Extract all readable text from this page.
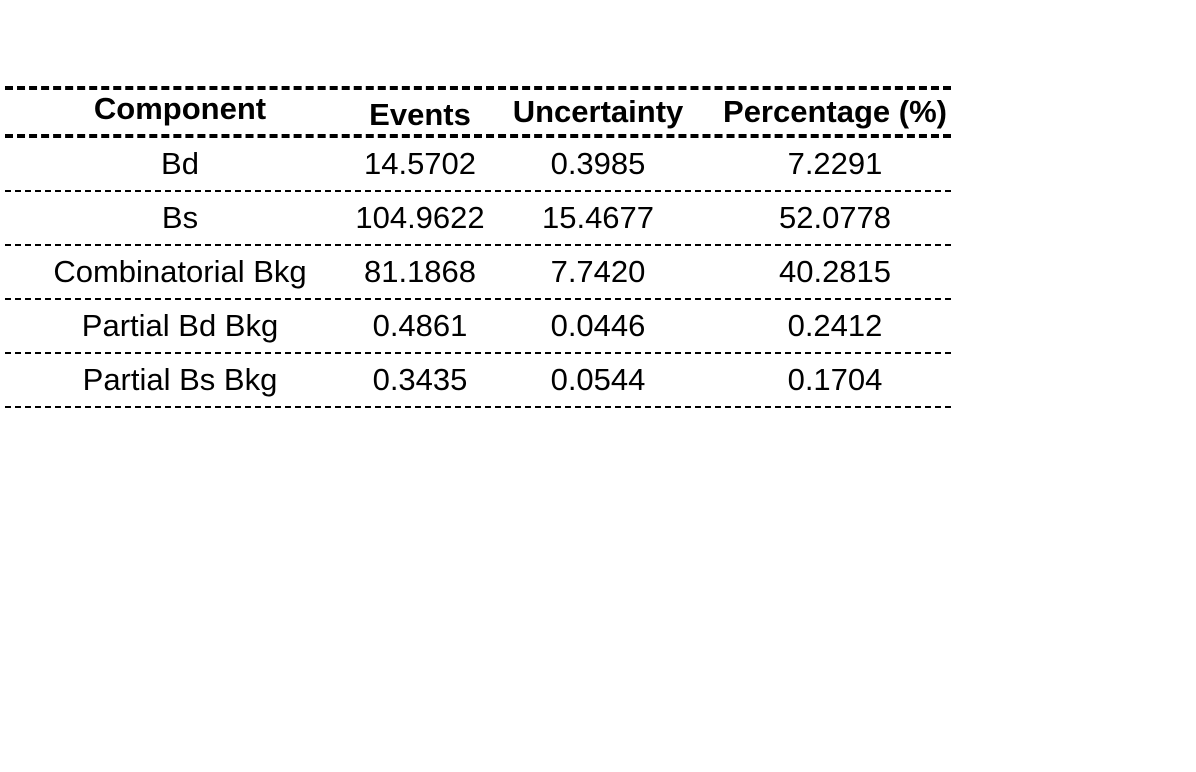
Component	Events	Uncertainty	Percentage (%)
Bd	14.5702	0.3985	7.2291
Bs	104.9622	15.4677	52.0778
Combinatorial Bkg	81.1868	7.7420	40.2815
Partial Bd Bkg	0.4861	0.0446	0.2412
Partial Bs Bkg	0.3435	0.0544	0.1704
